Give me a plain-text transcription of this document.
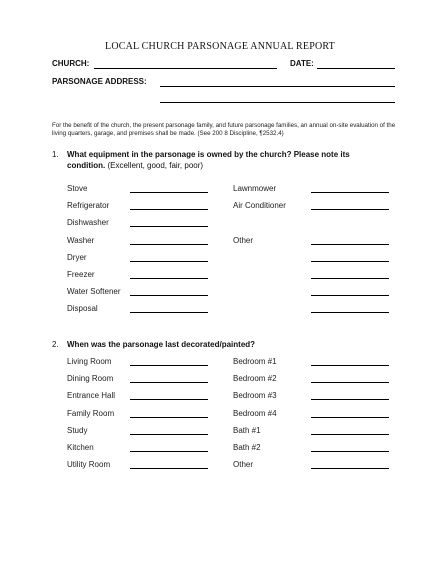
LOCAL CHURCH PARSONAGE ANNUAL REPORT
CHURCH:	DATE:
PARSONAGE ADDRESS:
For the benefit of the church, the present parsonage family, and future parsonage families, an annual on-site evaluation of the living quarters, garage, and premises shall be made. (See 200 8 Discipline, ¶2532.4)
1. What equipment in the parsonage is owned by the church? Please note its condition. (Excellent, good, fair, poor)
Stove
Refrigerator
Dishwasher
Washer
Dryer
Freezer
Water Softener
Disposal
Lawnmower
Air Conditioner
Other
2. When was the parsonage last decorated/painted?
Living Room
Dining Room
Entrance Hall
Family Room
Study
Kitchen
Utility Room
Bedroom #1
Bedroom #2
Bedroom #3
Bedroom #4
Bath #1
Bath #2
Other
